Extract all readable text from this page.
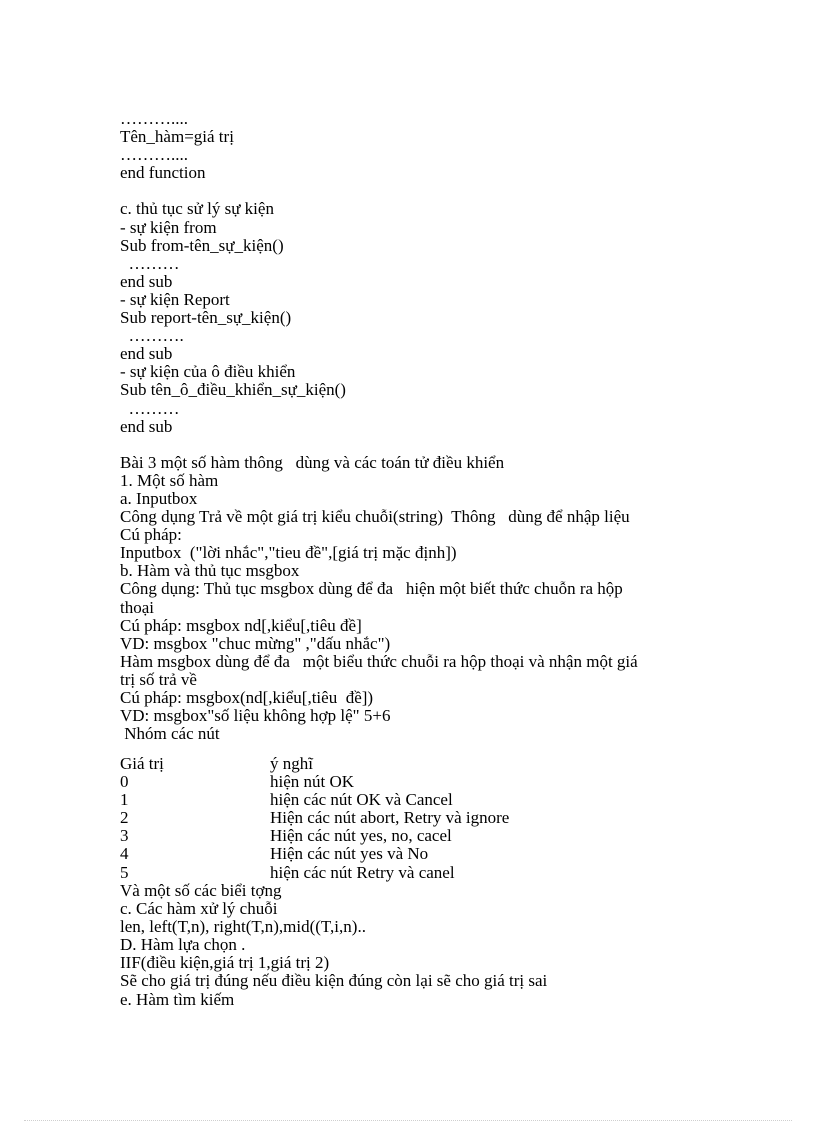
………....
Tên_hàm=giá trị
………....
end function
c. thủ tục sử lý sự kiện
- sự kiện from
Sub from-tên_sự_kiện()
………
end sub
- sự kiện Report
Sub report-tên_sự_kiện()
……….
end sub
- sự kiện của ô điều khiển
Sub tên_ô_điều_khiển_sự_kiện()
………
end sub
Bài 3 một số hàm thông   dùng và các toán tử điều khiển
1. Một số hàm
a. Inputbox
Công dụng Trả về một giá trị kiểu chuỗi(string)  Thông   dùng để nhập liệu
Cú pháp:
Inputbox  ("lời nhắc","tieu đề",[giá trị mặc định])
b. Hàm và thủ tục msgbox
Công dụng: Thủ tục msgbox dùng để đa   hiện một biết thức chuỗn ra hộp
thoại
Cú pháp: msgbox nd[,kiểu[,tiêu đề]
VD: msgbox "chuc mừng" ,"dấu nhắc")
Hàm msgbox dùng để đa   một biểu thức chuỗi ra hộp thoại và nhận một giá
trị số trả về
Cú pháp: msgbox(nd[,kiểu[,tiêu  đề])
VD: msgbox"số liệu không hợp lệ" 5+6
Nhóm các nút
Giá trị	ý nghĩ
0	hiện nút OK
1	hiện các nút OK và Cancel
2	Hiện các nút abort, Retry và ignore
3	Hiện các nút yes, no, cacel
4	Hiện các nút yes và No
5	hiện các nút Retry và canel
Và một số các biểi tợng
c. Các hàm xử lý chuỗi
len, left(T,n), right(T,n),mid((T,i,n)..
D. Hàm lựa chọn .
IIF(điều kiện,giá trị 1,giá trị 2)
Sẽ cho giá trị đúng nếu điều kiện đúng còn lại sẽ cho giá trị sai
e. Hàm tìm kiếm
